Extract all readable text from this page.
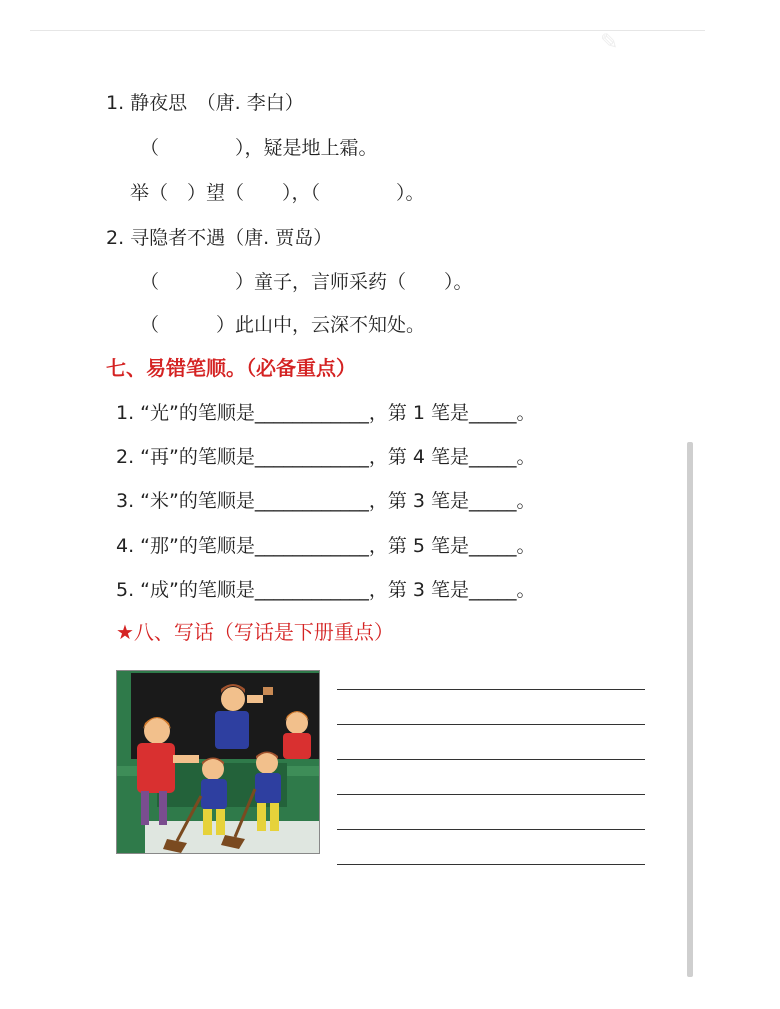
✎
1. 静夜思　（唐. 李白）
（　　　　），疑是地上霜。
举（　）望（　　），（　　　　）。
2. 寻隐者不遇（唐. 贾岛）
（　　　　）童子，言师采药（　　）。
（　　　）此山中，云深不知处。
七、易错笔顺。（必备重点）
1. “光”的笔顺是____________，第 1 笔是_____。
2. “再”的笔顺是____________，第 4 笔是_____。
3. “米”的笔顺是____________，第 3 笔是_____。
4. “那”的笔顺是____________，第 5 笔是_____。
5. “成”的笔顺是____________，第 3 笔是_____。
★八、写话（写话是下册重点）
